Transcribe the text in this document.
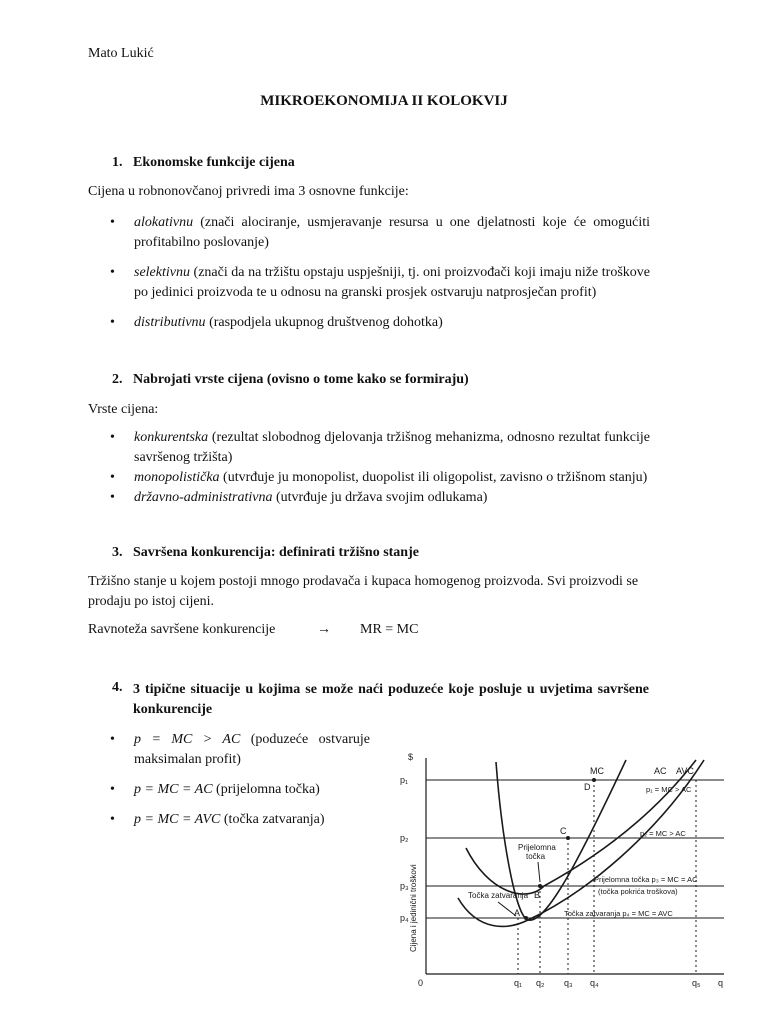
Mato Lukić
MIKROEKONOMIJA II KOLOKVIJ
1. Ekonomske funkcije cijena
Cijena u robnonovčanoj privredi ima 3 osnovne funkcije:
• alokativnu (znači alociranje, usmjeravanje resursa u one djelatnosti koje će omogućiti profitabilno poslovanje)
• selektivnu (znači da na tržištu opstaju uspješniji, tj. oni proizvođači koji imaju niže troškove po jedinici proizvoda te u odnosu na granski prosjek ostvaruju natprosječan profit)
• distributivnu (raspodjela ukupnog društvenog dohotka)
2. Nabrojati vrste cijena (ovisno o tome kako se formiraju)
Vrste cijena:
• konkurentska (rezultat slobodnog djelovanja tržišnog mehanizma, odnosno rezultat funkcije savršenog tržišta)
• monopolistička (utvrđuje ju monopolist, duopolist ili oligopolist, zavisno o tržišnom stanju)
• državno-administrativna (utvrđuje ju država svojim odlukama)
3. Savršena konkurencija: definirati tržišno stanje
Tržišno stanje u kojem postoji mnogo prodavača i kupaca homogenog proizvoda. Svi proizvodi se prodaju po istoj cijeni.
Ravnoteža savršene konkurencije	→ MR = MC
4. 3 tipične situacije u kojima se može naći poduzeće koje posluje u uvjetima savršene konkurencije
• p = MC > AC (poduzeće ostvaruje maksimalan profit)
• p = MC = AC (prijelomna točka)
• p = MC = AVC (točka zatvaranja)
$
Cijena i jedinični troškovi
p₁
p₂
p₃
p₄
0	q₁ q₂ q₃ q₄	q₅ q
MC	AC AVC
D
C
B
A
Prijelomna
točka
Točka zatvaranja
p₁ = MC > AC
p₂ = MC > AC
Prijelomna točka p₃ = MC = AC
(točka pokrića troškova)
Točka zatvaranja p₄ = MC = AVC
